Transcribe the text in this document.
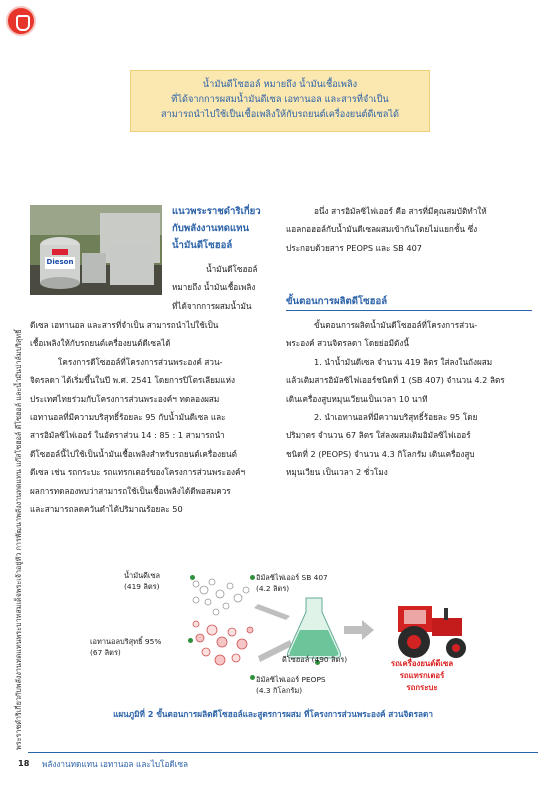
พระราชดำริเกี่ยวกับพลังงานทดแทนพระบาทสมเด็จพระเจ้าอยู่หัว การพัฒนาพลังงานทดแทน แก๊สโซฮอล์ ดีโซฮอล์ และน้ำมันปาล์มบริสุทธิ์
น้ำมันดีโซฮอล์ หมายถึง น้ำมันเชื้อเพลิง
ที่ได้จากการผสมน้ำมันดีเซล เอทานอล และสารที่จำเป็น
สามารถนำไปใช้เป็นเชื้อเพลิงให้กับรถยนต์เครื่องยนต์ดีเซลได้
Dieson
แนวพระราชดำริเกี่ยว
กับพลังงานทดแทน
น้ำมันดีโซฮอล์
น้ำมันดีโซฮอล์
หมายถึง น้ำมันเชื้อเพลิง
ที่ได้จากการผสมน้ำมัน
ดีเซล เอทานอล และสารที่จำเป็น สามารถนำไปใช้เป็น
เชื้อเพลิงให้กับรถยนต์เครื่องยนต์ดีเซลได้
โครงการดีโซฮอล์ที่โครงการส่วนพระองค์ สวน-
จิตรลดา ได้เริ่มขึ้นในปี พ.ศ. 2541 โดยการปิโตรเลียมแห่ง
ประเทศไทยร่วมกับโครงการส่วนพระองค์ฯ ทดลองผสม
เอทานอลที่มีความบริสุทธิ์ร้อยละ 95 กับน้ำมันดีเซล และ
สารอิมัลซิไฟเออร์ ในอัตราส่วน 14 : 85 : 1 สามารถนำ
ดีโซฮอล์นี้ไปใช้เป็นน้ำมันเชื้อเพลิงสำหรับรถยนต์เครื่องยนต์
ดีเซล เช่น รถกระบะ รถแทรกเตอร์ของโครงการส่วนพระองค์ฯ
ผลการทดลองพบว่าสามารถใช้เป็นเชื้อเพลิงได้ดีพอสมควร
และสามารถลดควันดำได้ปริมาณร้อยละ 50
อนึ่ง สารอิมัลซิไฟเออร์ คือ สารที่มีคุณสมบัติทำให้
แอลกอฮอล์กับน้ำมันดีเซลผสมเข้ากันโดยไม่แยกชั้น ซึ่ง
ประกอบด้วยสาร PEOPS และ SB 407
ขั้นตอนการผลิตดีโซฮอล์
ขั้นตอนการผลิตน้ำมันดีโซฮอล์ที่โครงการส่วน-
พระองค์ สวนจิตรลดา โดยย่อมีดังนี้
1. นำน้ำมันดีเซล จำนวน 419 ลิตร ใส่ลงในถังผสม
แล้วเติมสารอิมัลซิไฟเออร์ชนิดที่ 1 (SB 407) จำนวน 4.2 ลิตร
เดินเครื่องสูบหมุนเวียนเป็นเวลา 10 นาที
2. นำเอทานอลที่มีความบริสุทธิ์ร้อยละ 95 โดย
ปริมาตร จำนวน 67 ลิตร ใส่ลงผสมเติมอิมัลซิไฟเออร์
ชนิดที่ 2 (PEOPS) จำนวน 4.3 กิโลกรัม เดินเครื่องสูบ
หมุนเวียน เป็นเวลา 2 ชั่วโมง
น้ำมันดีเซล
(419 ลิตร)
อิมัลซิไฟเออร์ SB 407
(4.2 ลิตร)
เอทานอลบริสุทธิ์ 95%
(67 ลิตร)
อิมัลซิไฟเออร์ PEOPS
(4.3 กิโลกรัม)
ดีโซฮอล์ (490 ลิตร)	รถเครื่องยนต์ดีเซล
รถแทรกเตอร์
รถกระบะ
แผนภูมิที่ 2 ขั้นตอนการผลิตดีโซฮอล์และสูตรการผสม ที่โครงการส่วนพระองค์ สวนจิตรลดา
18 พลังงานทดแทน เอทานอล และไบโอดีเซล
